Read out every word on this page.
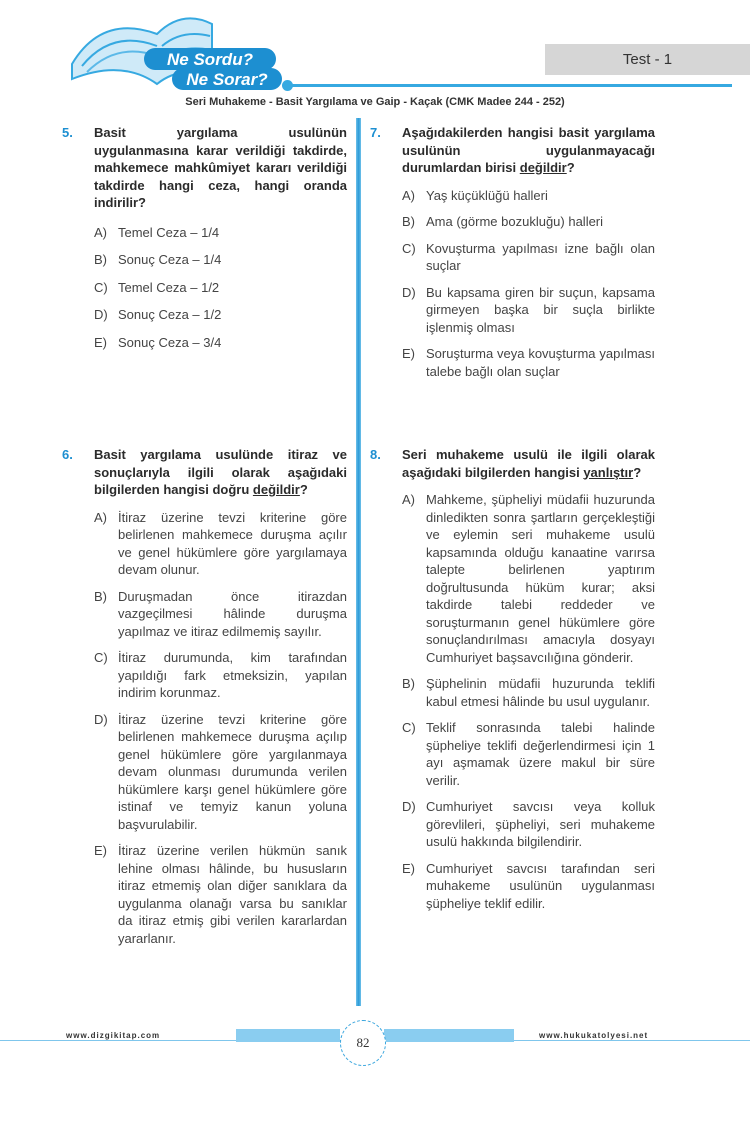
Ne Sordu?
Ne Sorar?
Test - 1
Seri Muhakeme - Basit Yargılama ve Gaip - Kaçak (CMK Madee 244 - 252)
5. Basit yargılama usulünün uygulanmasına karar verildiği takdirde, mahkemece mahkûmiyet kararı verildiği takdirde hangi ceza, hangi oranda indirilir?
A) Temel Ceza – 1/4
B) Sonuç Ceza – 1/4
C) Temel Ceza – 1/2
D) Sonuç Ceza – 1/2
E) Sonuç Ceza – 3/4
6. Basit yargılama usulünde itiraz ve sonuçlarıyla ilgili olarak aşağıdaki bilgilerden hangisi doğru değildir?
A) İtiraz üzerine tevzi kriterine göre belirlenen mahkemece duruşma açılır ve genel hükümlere göre yargılamaya devam olunur.
B) Duruşmadan önce itirazdan vazgeçilmesi hâlinde duruşma yapılmaz ve itiraz edilmemiş sayılır.
C) İtiraz durumunda, kim tarafından yapıldığı fark etmeksizin, yapılan indirim korunmaz.
D) İtiraz üzerine tevzi kriterine göre belirlenen mahkemece duruşma açılıp genel hükümlere göre yargılanmaya devam olunması durumunda verilen hükümlere karşı genel hükümlere göre istinaf ve temyiz kanun yoluna başvurulabilir.
E) İtiraz üzerine verilen hükmün sanık lehine olması hâlinde, bu hususların itiraz etmemiş olan diğer sanıklara da uygulanma olanağı varsa bu sanıklar da itiraz etmiş gibi verilen kararlardan yararlanır.
7. Aşağıdakilerden hangisi basit yargılama usulünün uygulanmayacağı durumlardan birisi değildir?
A) Yaş küçüklüğü halleri
B) Ama (görme bozukluğu) halleri
C) Kovuşturma yapılması izne bağlı olan suçlar
D) Bu kapsama giren bir suçun, kapsama girmeyen başka bir suçla birlikte işlenmiş olması
E) Soruşturma veya kovuşturma yapılması talebe bağlı olan suçlar
8. Seri muhakeme usulü ile ilgili olarak aşağıdaki bilgilerden hangisi yanlıştır?
A) Mahkeme, şüpheliyi müdafii huzurunda dinledikten sonra şartların gerçekleştiği ve eylemin seri muhakeme usulü kapsamında olduğu kanaatine varırsa talepte belirlenen yaptırım doğrultusunda hüküm kurar; aksi takdirde talebi reddeder ve soruşturmanın genel hükümlere göre sonuçlandırılması amacıyla dosyayı Cumhuriyet başsavcılığına gönderir.
B) Şüphelinin müdafii huzurunda teklifi kabul etmesi hâlinde bu usul uygulanır.
C) Teklif sonrasında talebi halinde şüpheliye teklifi değerlendirmesi için 1 ayı aşmamak üzere makul bir süre verilir.
D) Cumhuriyet savcısı veya kolluk görevlileri, şüpheliyi, seri muhakeme usulü hakkında bilgilendirir.
E) Cumhuriyet savcısı tarafından seri muhakeme usulünün uygulanması şüpheliye teklif edilir.
www.dizgikitap.com	www.hukukatolyesi.net
82
